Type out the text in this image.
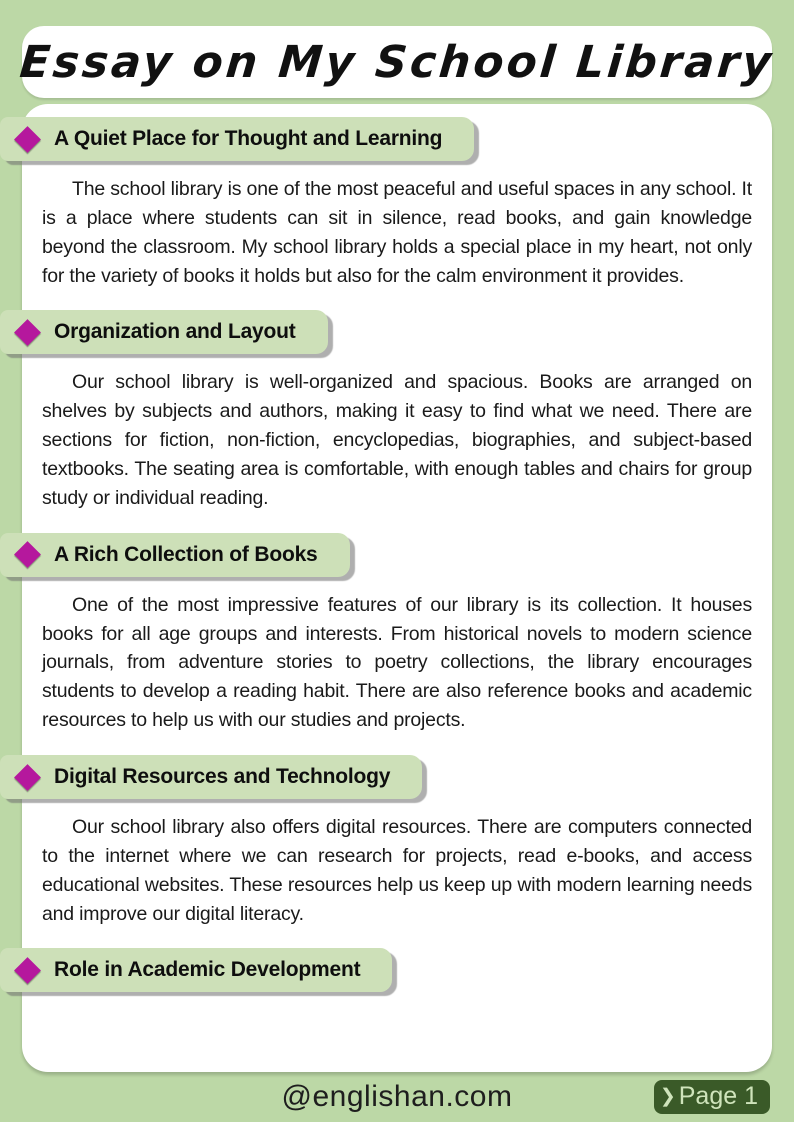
Essay on My School Library
A Quiet Place for Thought and Learning

The school library is one of the most peaceful and useful spaces in any school. It is a place where students can sit in silence, read books, and gain knowledge beyond the classroom. My school library holds a special place in my heart, not only for the variety of books it holds but also for the calm environment it provides.

Organization and Layout

Our school library is well-organized and spacious. Books are arranged on shelves by subjects and authors, making it easy to find what we need. There are sections for fiction, non-fiction, encyclopedias, biographies, and subject-based textbooks. The seating area is comfortable, with enough tables and chairs for group study or individual reading.

A Rich Collection of Books

One of the most impressive features of our library is its collection. It houses books for all age groups and interests. From historical novels to modern science journals, from adventure stories to poetry collections, the library encourages students to develop a reading habit. There are also reference books and academic resources to help us with our studies and projects.

Digital Resources and Technology

Our school library also offers digital resources. There are computers connected to the internet where we can research for projects, read e-books, and access educational websites. These resources help us keep up with modern learning needs and improve our digital literacy.

Role in Academic Development
@englishan.com	❯ Page 1
